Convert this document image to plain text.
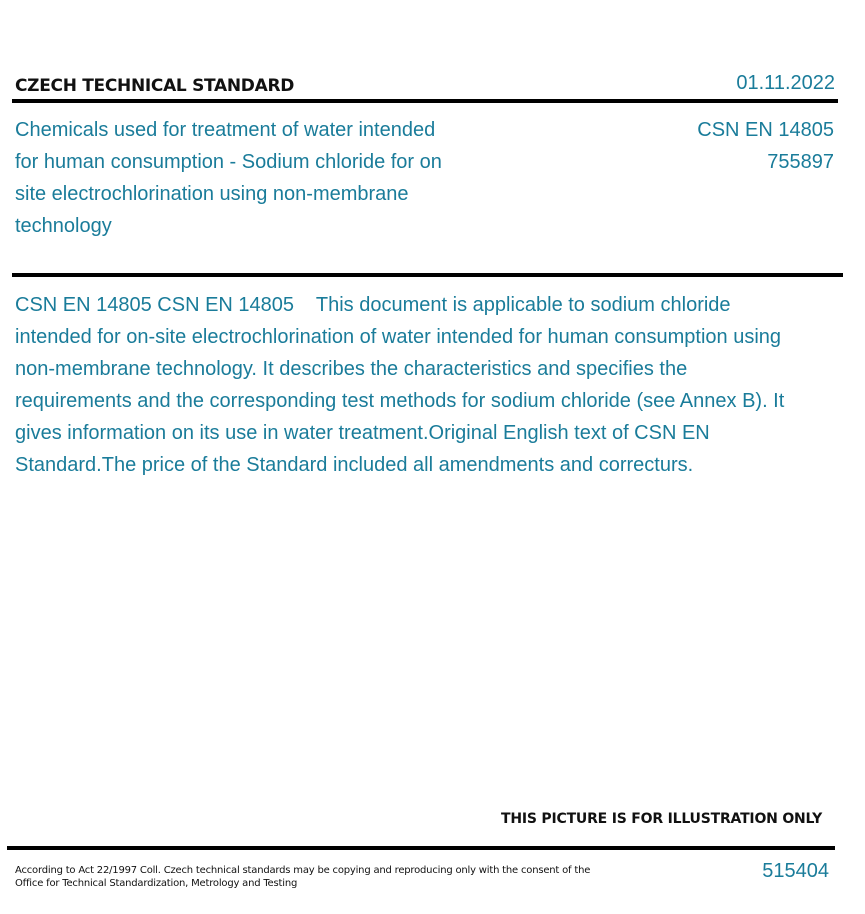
CZECH TECHNICAL STANDARD	01.11.2022

Chemicals used for treatment of water intended for human consumption - Sodium chloride for on site electrochlorination using non-membrane technology

CSN EN 14805
755897

CSN EN 14805 CSN EN 14805    This document is applicable to sodium chloride intended for on-site electrochlorination of water intended for human consumption using non-membrane technology. It describes the characteristics and specifies the requirements and the corresponding test methods for sodium chloride (see Annex B). It gives information on its use in water treatment.Original English text of CSN EN Standard.The price of the Standard included all amendments and correcturs.

THIS PICTURE IS FOR ILLUSTRATION ONLY

According to Act 22/1997 Coll. Czech technical standards may be copying and reproducing only with the consent of the Office for Technical Standardization, Metrology and Testing

515404
